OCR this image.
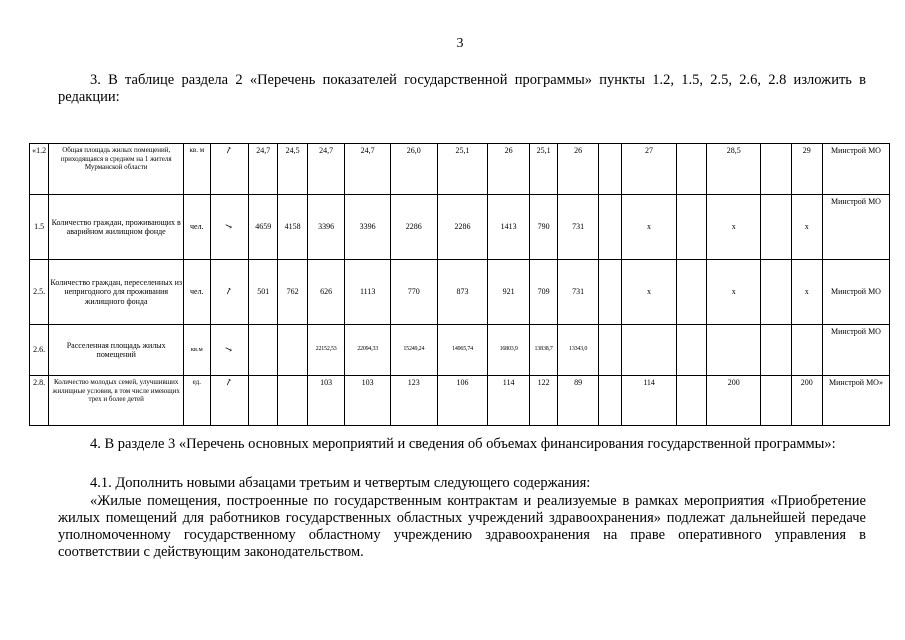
3

3. В таблице раздела 2 «Перечень показателей государственной программы» пункты 1.2, 1.5, 2.5, 2.6, 2.8 изложить в редакции:

«1.2	Общая площадь жилых помещений, приходящаяся в среднем на 1 жителя Мурманской области	кв. м	↗	24,7	24,5	24,7	24,7	26,0	25,1	26	25,1	26		27		28,5		29	Минстрой МО
1.5	Количество граждан, проживающих в аварийном жилищном фонде	чел.	↘	4659	4158	3396	3396	2286	2286	1413	790	731		х		х		х	Минстрой МО
2.5.	Количество граждан, переселенных из непригодного для проживания жилищного фонда	чел.	↗	501	762	626	1113	770	873	921	709	731		х		х		х	Минстрой МО
2.6.	Расселенная площадь жилых помещений	кв.м	↘			22152,53	22094,33	15249,24	14965,74	16803,9	13838,7	13343,0							Минстрой МО
2.8.	Количество молодых семей, улучшивших жилищные условия, в том числе имеющих трех и более детей	ед.	↗			103	103	123	106	114	122	89		114		200		200	Минстрой МО»

4. В разделе 3 «Перечень основных мероприятий и сведения об объемах финансирования государственной программы»:

4.1. Дополнить новыми абзацами третьим и четвертым следующего содержания:

«Жилые помещения, построенные по государственным контрактам и реализуемые в рамках мероприятия «Приобретение жилых помещений для работников государственных областных учреждений здравоохранения» подлежат дальнейшей передаче уполномоченному государственному областному учреждению здравоохранения на праве оперативного управления в соответствии с действующим законодательством.
